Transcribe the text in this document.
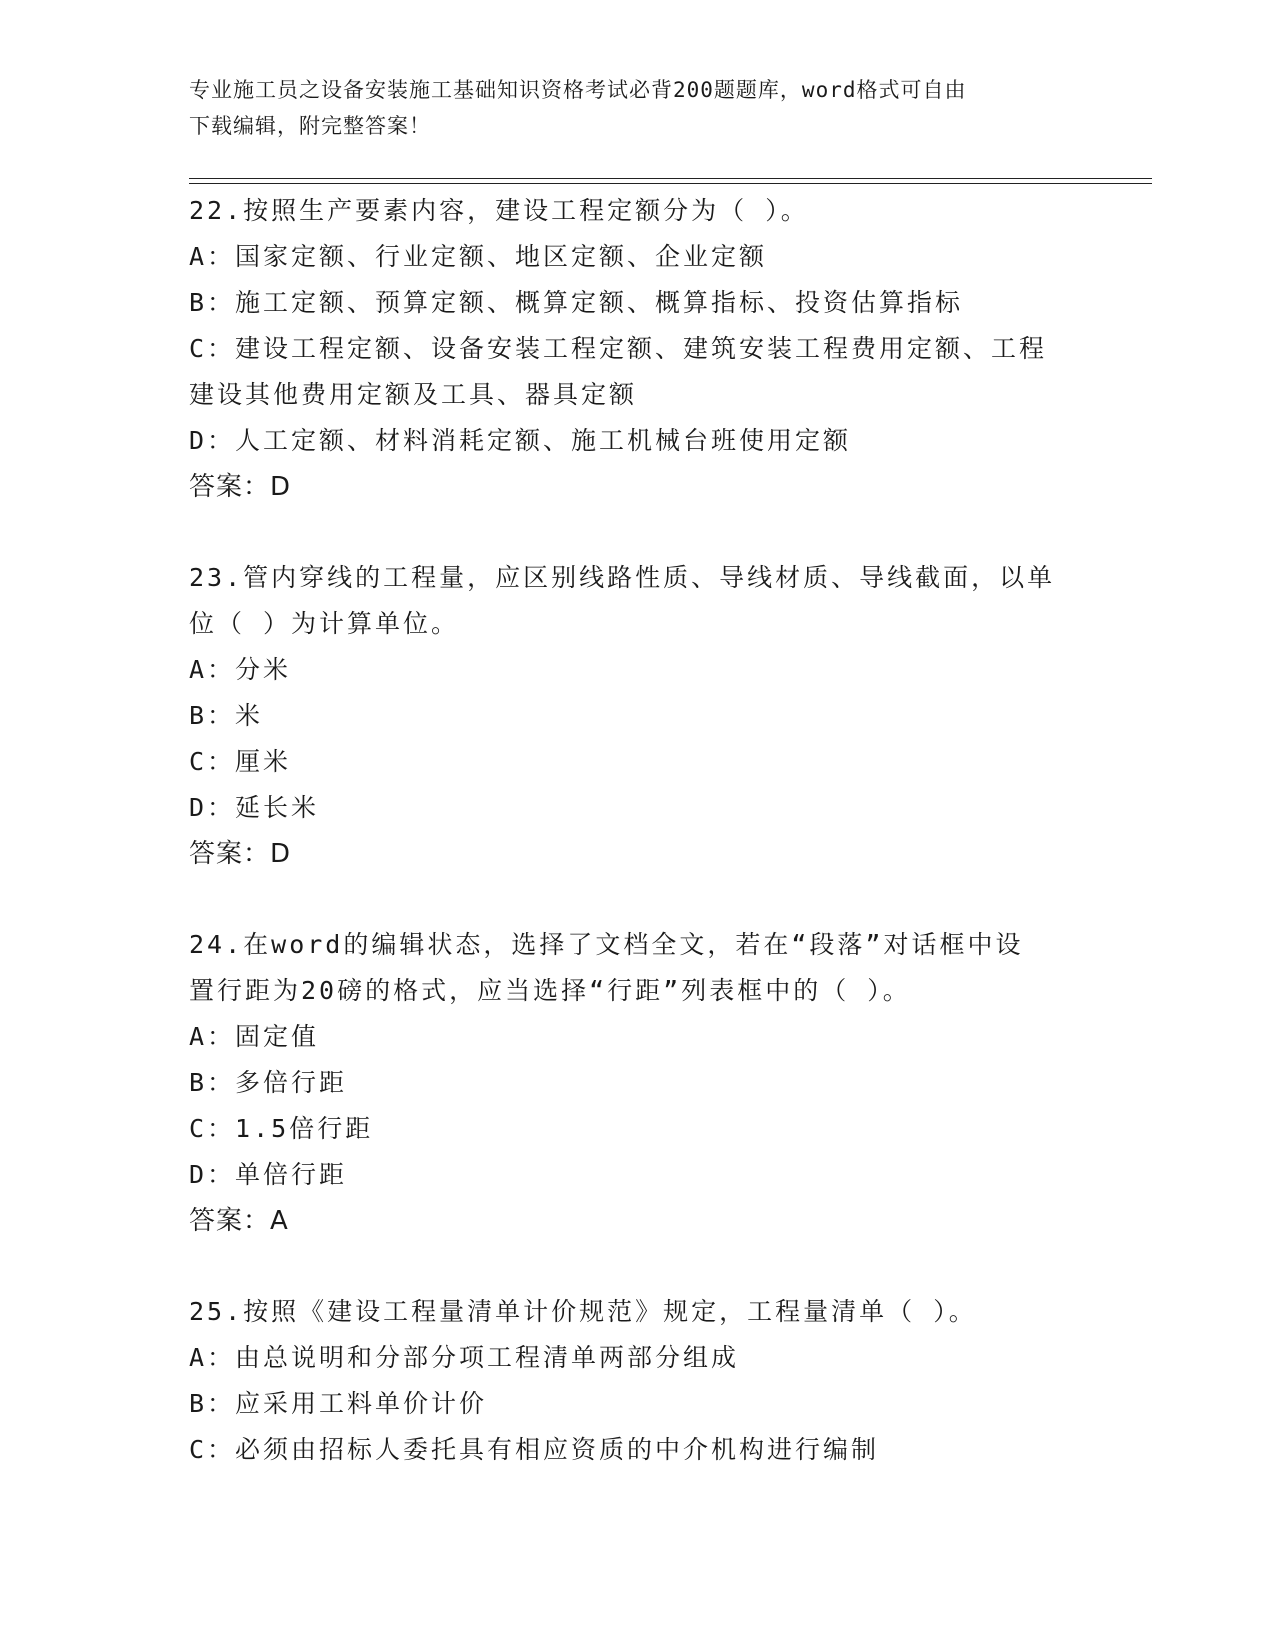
专业施工员之设备安装施工基础知识资格考试必背200题题库，word格式可自由
下载编辑，附完整答案！
22.按照生产要素内容，建设工程定额分为（ ）。
A：国家定额、行业定额、地区定额、企业定额
B：施工定额、预算定额、概算定额、概算指标、投资估算指标
C：建设工程定额、设备安装工程定额、建筑安装工程费用定额、工程
建设其他费用定额及工具、器具定额
D：人工定额、材料消耗定额、施工机械台班使用定额
答案：D
23.管内穿线的工程量，应区别线路性质、导线材质、导线截面，以单
位（ ）为计算单位。
A：分米
B：米
C：厘米
D：延长米
答案：D
24.在word的编辑状态，选择了文档全文，若在“段落”对话框中设
置行距为20磅的格式，应当选择“行距”列表框中的（ ）。
A：固定值
B：多倍行距
C：1.5倍行距
D：单倍行距
答案：A
25.按照《建设工程量清单计价规范》规定，工程量清单（ ）。
A：由总说明和分部分项工程清单两部分组成
B：应采用工料单价计价
C：必须由招标人委托具有相应资质的中介机构进行编制
